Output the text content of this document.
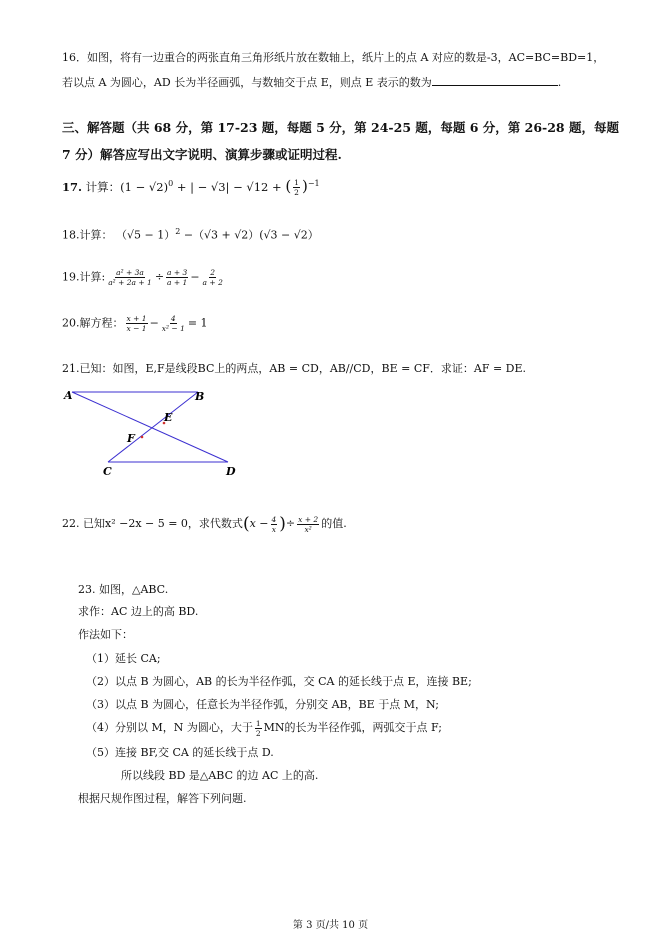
16．如图，将有一边重合的两张直角三角形纸片放在数轴上，纸片上的点 A 对应的数是-3，AC=BC=BD=1，
若以点 A 为圆心，AD 长为半径画弧，与数轴交于点 E，则点 E 表示的数为	.
三、解答题（共 68 分，第 17-23 题，每题 5 分，第 24-25 题，每题 6 分，第 26-28 题，每题
7 分）解答应写出文字说明、演算步骤或证明过程.
17. 计算：$(1 - √2)^0$ + | − √3| − √12 + ( $\frac{1}{2} )^{-1}$
18.计算： $(√5 - 1)^2 -(√3 + √2)(√3 - √2)$
19.计算: $\frac{\text{a² + 3a}}{\text{a² + 2a + 1}} \div \frac{a + 3}{a + 1} - \frac{2}{a + 2}$
20.解方程： $\frac{x + 1}{x - 1} - \frac{4}{\text{x² − 1}} = 1$
21.已知：如图，E,F是线段BC上的两点，AB = CD，AB//CD，BE = CF．求证：AF = DE.
A	B
E
F
C	D
22. 已知x² −2x − 5 = 0，求代数式($x - \frac{4}{x}$ )÷ $\frac{x + 2}{\text{x²}}$ 的值.
23. 如图，△ABC.
求作：AC 边上的高 BD.
作法如下：
（1）延长 CA;
（2）以点 B 为圆心，AB 的长为半径作弧，交 CA 的延长线于点 E，连接 BE;
（3）以点 B 为圆心，任意长为半径作弧，分别交 AB，BE 于点 M，N;
（4）分别以 M，N 为圆心，大于 $\frac{1}{2}$ MN的长为半径作弧，两弧交于点 F;
（5）连接 BF,交 CA 的延长线于点 D.
所以线段 BD 是△ABC 的边 AC 上的高.
根据尺规作图过程，解答下列问题.
第 3 页/共 10 页
